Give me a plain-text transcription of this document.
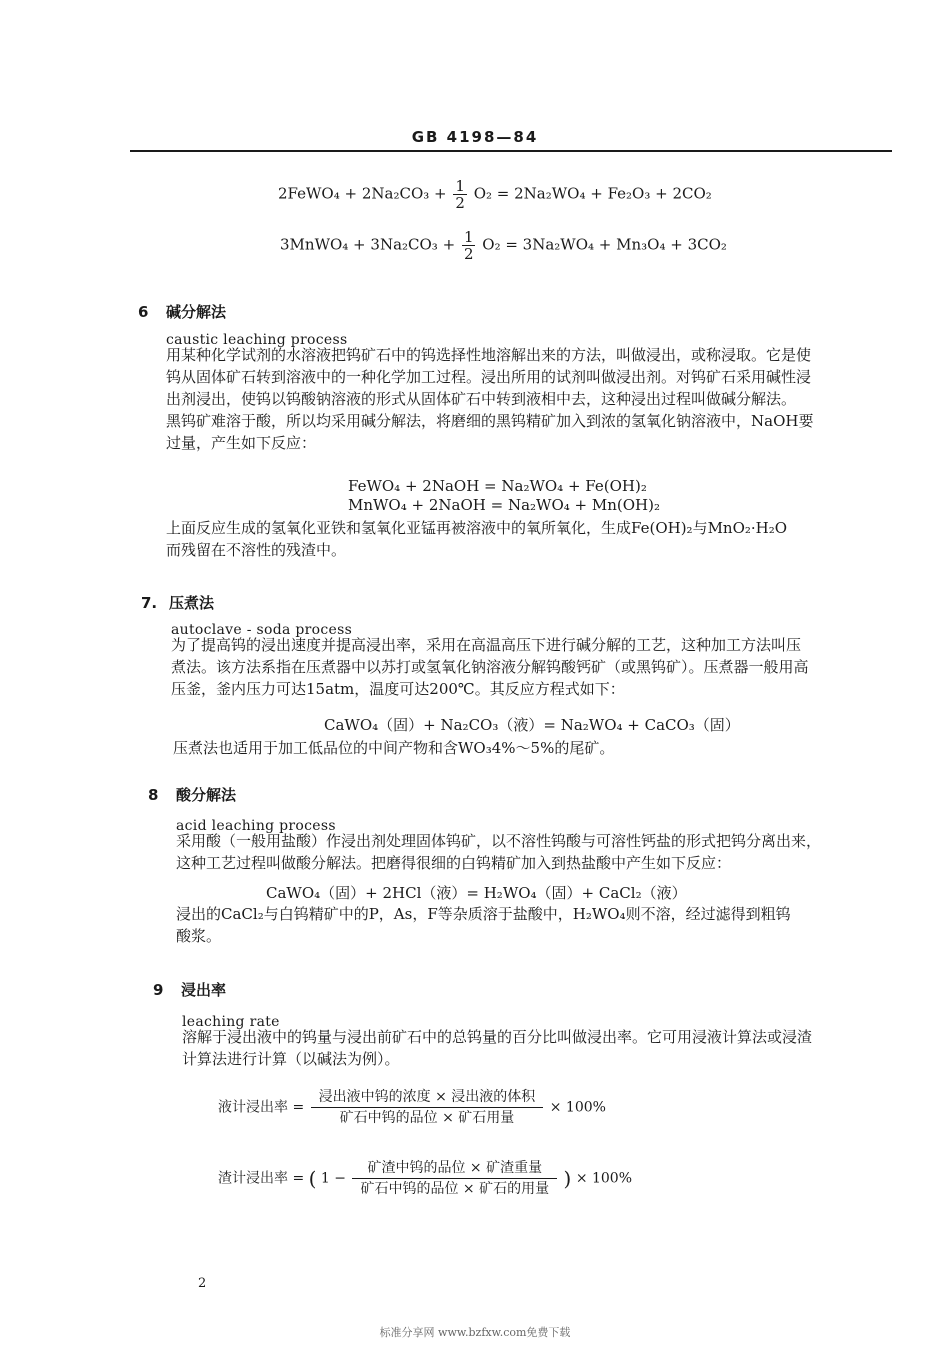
GB 4198—84
2FeWO₄ + $2Na_2CO_3 + \frac{1}{2} O_2 = 2Na_2WO_4 + Fe_2O_3 + 2CO_2$
3MnWO₄ + $3Na_2CO_3 + \frac{1}{2} O_2 = 3Na_2WO_4 + Mn_3O_4 + 3CO_2$
6 碱分解法
caustic leaching process
用某种化学试剂的水溶液把钨矿石中的钨选择性地溶解出来的方法，叫做浸出，或称浸取。它是使
钨从固体矿石转到溶液中的一种化学加工过程。浸出所用的试剂叫做浸出剂。对钨矿石采用碱性浸
出剂浸出，使钨以钨酸钠溶液的形式从固体矿石中转到液相中去，这种浸出过程叫做碱分解法。
黑钨矿难溶于酸，所以均采用碱分解法，将磨细的黑钨精矿加入到浓的氢氧化钠溶液中，NaOH要
过量，产生如下反应：
FeWO₄ + 2NaOH = Na₂WO₄ + Fe(OH)₂
MnWO₄ + 2NaOH = Na₂WO₄ + Mn(OH)₂
上面反应生成的氢氧化亚铁和氢氧化亚锰再被溶液中的氧所氧化，生成Fe(OH)₂与MnO₂·H₂O
而残留在不溶性的残渣中。
7. 压煮法
autoclave - soda process
为了提高钨的浸出速度并提高浸出率，采用在高温高压下进行碱分解的工艺，这种加工方法叫压
煮法。该方法系指在压煮器中以苏打或氢氧化钠溶液分解钨酸钙矿（或黑钨矿）。压煮器一般用高
压釜，釜内压力可达15atm，温度可达200℃。其反应方程式如下：
CaWO₄（固）+ Na₂CO₃（液）= Na₂WO₄ + CaCO₃（固）
压煮法也适用于加工低品位的中间产物和含WO₃4%～5%的尾矿。
8 酸分解法
acid leaching process
采用酸（一般用盐酸）作浸出剂处理固体钨矿，以不溶性钨酸与可溶性钙盐的形式把钨分离出来，
这种工艺过程叫做酸分解法。把磨得很细的白钨精矿加入到热盐酸中产生如下反应：
CaWO₄（固）+ 2HCl（液）= H₂WO₄（固）+ CaCl₂（液）
浸出的CaCl₂与白钨精矿中的P，As，F等杂质溶于盐酸中，H₂WO₄则不溶，经过滤得到粗钨
酸浆。
9 浸出率
leaching rate
溶解于浸出液中的钨量与浸出前矿石中的总钨量的百分比叫做浸出率。它可用浸液计算法或浸渣
计算法进行计算（以碱法为例）。
液计浸出率 = $\frac{\text{浸出液中钨的浓度 × 浸出液的体积}}{\text{矿石中钨的品位 × 矿石用量}} \times 100\%$
渣计浸出率 = ( $1 - \frac{\text{矿渣中钨的品位 × 矿渣重量}}{\text{矿石中钨的品位 × 矿石的用量}}$ ) × 100%
2
标准分享网 www.bzfxw.com免费下载
